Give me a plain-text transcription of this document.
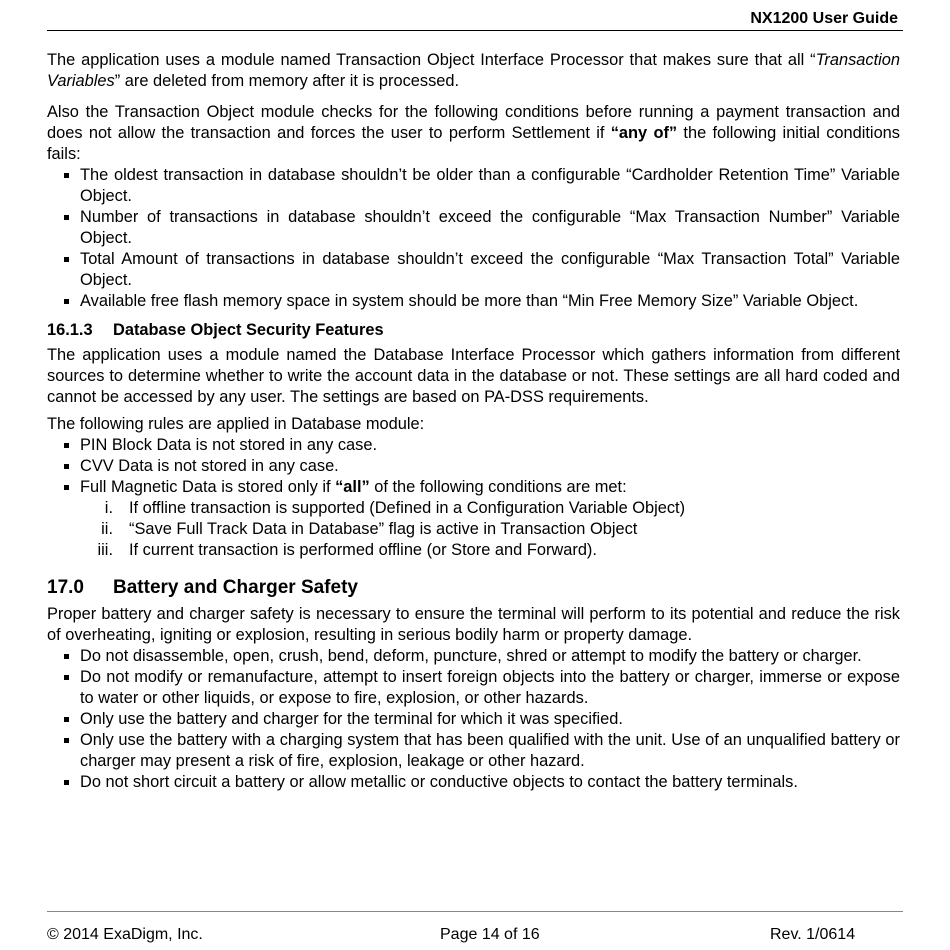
NX1200 User Guide

The application uses a module named Transaction Object Interface Processor that makes sure that all “Transaction Variables” are deleted from memory after it is processed.

Also the Transaction Object module checks for the following conditions before running a payment transaction and does not allow the transaction and forces the user to perform Settlement if “any of” the following initial conditions fails:

The oldest transaction in database shouldn’t be older than a configurable “Cardholder Retention Time” Variable Object.
Number of transactions in database shouldn’t exceed the configurable “Max Transaction Number” Variable Object.
Total Amount of transactions in database shouldn’t exceed the configurable “Max Transaction Total” Variable Object.
Available free flash memory space in system should be more than “Min Free Memory Size” Variable Object.
16.1.3 Database Object Security Features

The application uses a module named the Database Interface Processor which gathers information from different sources to determine whether to write the account data in the database or not. These settings are all hard coded and cannot be accessed by any user. The settings are based on PA-DSS requirements.

The following rules are applied in Database module:

PIN Block Data is not stored in any case.
CVV Data is not stored in any case.
Full Magnetic Data is stored only if “all” of the following conditions are met:
i. If offline transaction is supported (Defined in a Configuration Variable Object)
ii. “Save Full Track Data in Database” flag is active in Transaction Object
iii. If current transaction is performed offline (or Store and Forward).
17.0 Battery and Charger Safety

Proper battery and charger safety is necessary to ensure the terminal will perform to its potential and reduce the risk of overheating, igniting or explosion, resulting in serious bodily harm or property damage.

Do not disassemble, open, crush, bend, deform, puncture, shred or attempt to modify the battery or charger.
Do not modify or remanufacture, attempt to insert foreign objects into the battery or charger, immerse or expose to water or other liquids, or expose to fire, explosion, or other hazards.
Only use the battery and charger for the terminal for which it was specified.
Only use the battery with a charging system that has been qualified with the unit. Use of an unqualified battery or charger may present a risk of fire, explosion, leakage or other hazard.
Do not short circuit a battery or allow metallic or conductive objects to contact the battery terminals.
© 2014 ExaDigm, Inc.	Page 14 of 16	Rev. 1/0614
